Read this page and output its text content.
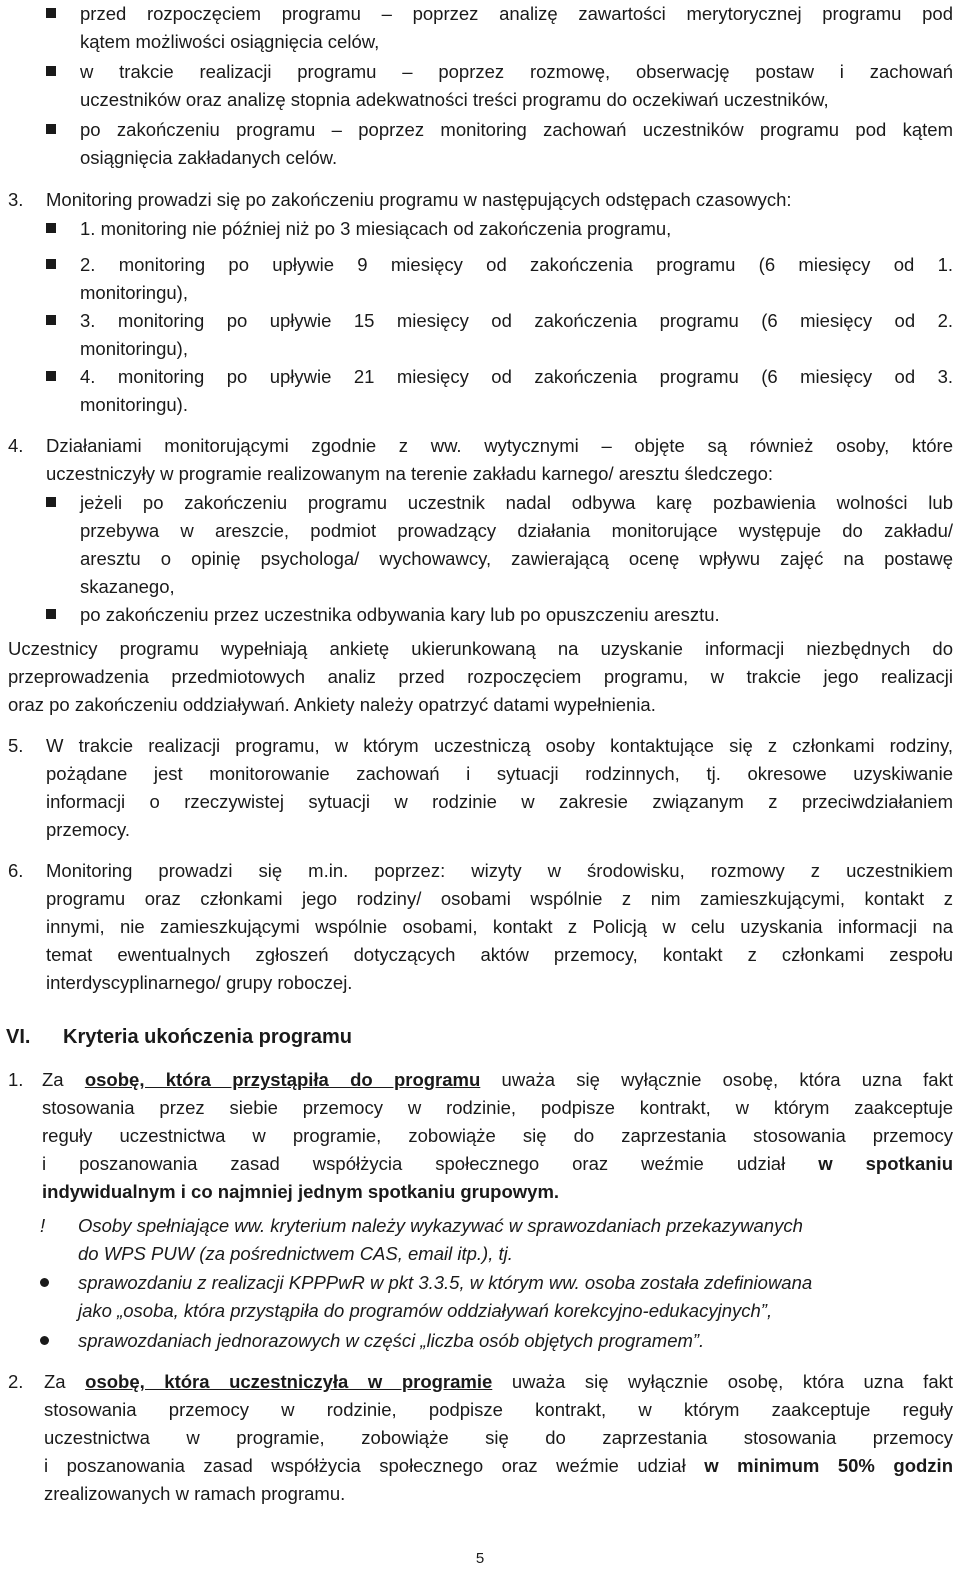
przed rozpoczęciem programu – poprzez analizę zawartości merytorycznej programu pod
kątem możliwości osiągnięcia celów,
w trakcie realizacji programu – poprzez rozmowę, obserwację postaw i zachowań
uczestników oraz analizę stopnia adekwatności treści programu do oczekiwań uczestników,
po zakończeniu programu – poprzez monitoring zachowań uczestników programu pod kątem
osiągnięcia zakładanych celów.
3. Monitoring prowadzi się po zakończeniu programu w następujących odstępach czasowych:
1. monitoring nie później niż po 3 miesiącach od zakończenia programu,
2. monitoring po upływie 9 miesięcy od zakończenia programu (6 miesięcy od 1.
monitoringu),
3. monitoring po upływie 15 miesięcy od zakończenia programu (6 miesięcy od 2.
monitoringu),
4. monitoring po upływie 21 miesięcy od zakończenia programu (6 miesięcy od 3.
monitoringu).
4. Działaniami monitorującymi zgodnie z ww. wytycznymi – objęte są również osoby, które
uczestniczyły w programie realizowanym na terenie zakładu karnego/ aresztu śledczego:
jeżeli po zakończeniu programu uczestnik nadal odbywa karę pozbawienia wolności lub
przebywa w areszcie, podmiot prowadzący działania monitorujące występuje do zakładu/
aresztu o opinię psychologa/ wychowawcy, zawierającą ocenę wpływu zajęć na postawę
skazanego,
po zakończeniu przez uczestnika odbywania kary lub po opuszczeniu aresztu.
Uczestnicy programu wypełniają ankietę ukierunkowaną na uzyskanie informacji niezbędnych do
przeprowadzenia przedmiotowych analiz przed rozpoczęciem programu, w trakcie jego realizacji
oraz po zakończeniu oddziaływań. Ankiety należy opatrzyć datami wypełnienia.
5. W trakcie realizacji programu, w którym uczestniczą osoby kontaktujące się z członkami rodziny,
pożądane jest monitorowanie zachowań i sytuacji rodzinnych, tj. okresowe uzyskiwanie
informacji o rzeczywistej sytuacji w rodzinie w zakresie związanym z przeciwdziałaniem
przemocy.
6. Monitoring prowadzi się m.in. poprzez: wizyty w środowisku, rozmowy z uczestnikiem
programu oraz członkami jego rodziny/ osobami wspólnie z nim zamieszkującymi, kontakt z
innymi, nie zamieszkującymi wspólnie osobami, kontakt z Policją w celu uzyskania informacji na
temat ewentualnych zgłoszeń dotyczących aktów przemocy, kontakt z członkami zespołu
interdyscyplinarnego/ grupy roboczej.
VI. Kryteria ukończenia programu
1. Za osobę, która przystąpiła do programu uważa się wyłącznie osobę, która uzna fakt
stosowania przez siebie przemocy w rodzinie, podpisze kontrakt, w którym zaakceptuje
reguły uczestnictwa w programie, zobowiąże się do zaprzestania stosowania przemocy
i poszanowania zasad współżycia społecznego oraz weźmie udział w spotkaniu
indywidualnym i co najmniej jednym spotkaniu grupowym.
! Osoby spełniające ww. kryterium należy wykazywać w sprawozdaniach przekazywanych
do WPS PUW (za pośrednictwem CAS, email itp.), tj.
sprawozdaniu z realizacji KPPPwR w pkt 3.3.5, w którym ww. osoba została zdefiniowana
jako „osoba, która przystąpiła do programów oddziaływań korekcyjno-edukacyjnych”,
sprawozdaniach jednorazowych w części „liczba osób objętych programem”.
2. Za osobę, która uczestniczyła w programie uważa się wyłącznie osobę, która uzna fakt
stosowania przemocy w rodzinie, podpisze kontrakt, w którym zaakceptuje reguły
uczestnictwa w programie, zobowiąże się do zaprzestania stosowania przemocy
i poszanowania zasad współżycia społecznego oraz weźmie udział w minimum 50% godzin
zrealizowanych w ramach programu.
5
